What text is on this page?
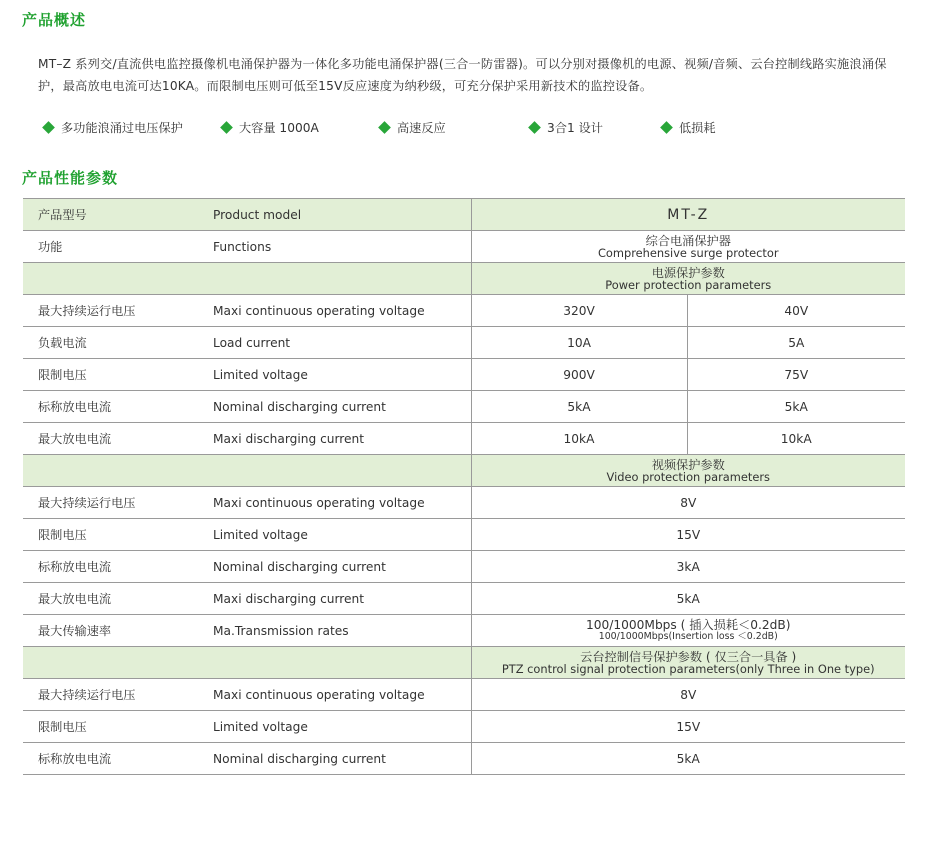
产品概述
MT–Z 系列交/直流供电监控摄像机电涌保护器为一体化多功能电涌保护器(三合一防雷器)。可以分别对摄像机的电源、视频/音频、云台控制线路实施浪涌保护，最高放电电流可达10KA。而限制电压则可低至15V反应速度为纳秒级，可充分保护采用新技术的监控设备。
多功能浪涌过电压保护	大容量 1000A	高速反应	3合1 设计	低损耗
产品性能参数
产品型号	Product model	MT-Z	
功能	Functions	综合电涌保护器
Comprehensive surge protector	

		电源保护参数
Power protection parameters	

最大持续运行电压	Maxi continuous operating voltage	320V	40V
负载电流	Load current	10A	5A
限制电压	Limited voltage	900V	75V
标称放电电流	Nominal discharging current	5kA	5kA
最大放电电流	Maxi discharging current	10kA	10kA

		视频保护参数
Video protection parameters	

最大持续运行电压	Maxi continuous operating voltage	8V	
限制电压	Limited voltage	15V	
标称放电电流	Nominal discharging current	3kA	
最大放电电流	Maxi discharging current	5kA	
最大传输速率	Ma.Transmission rates	100/1000Mbps ( 插入损耗＜0.2dB)
100/1000Mbps(Insertion loss ＜0.2dB)	

		云台控制信号保护参数 ( 仅三合一具备 )
PTZ control signal protection parameters(only Three in One type)	

最大持续运行电压	Maxi continuous operating voltage	8V	
限制电压	Limited voltage	15V	
标称放电电流	Nominal discharging current	5kA	
